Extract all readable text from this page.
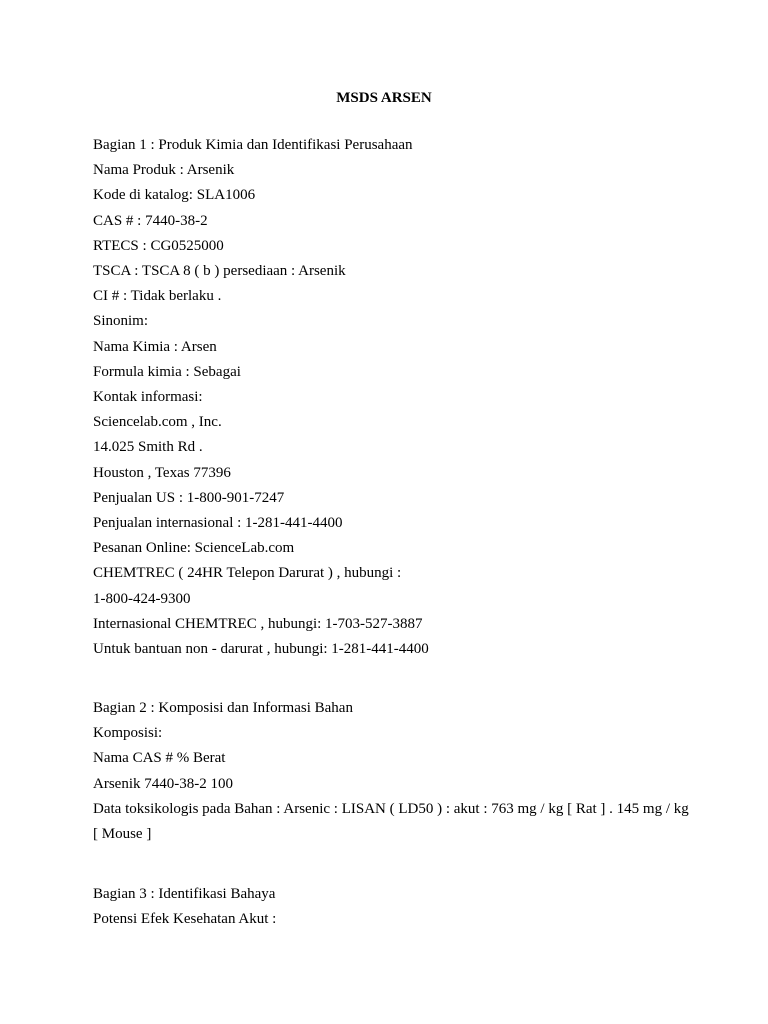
MSDS ARSEN
Bagian 1 : Produk Kimia dan Identifikasi Perusahaan
Nama Produk : Arsenik
Kode di katalog: SLA1006
CAS # : 7440-38-2
RTECS : CG0525000
TSCA : TSCA 8 ( b ) persediaan : Arsenik
CI # : Tidak berlaku .
Sinonim:
Nama Kimia : Arsen
Formula kimia : Sebagai
Kontak informasi:
Sciencelab.com , Inc.
14.025 Smith Rd .
Houston , Texas 77396
Penjualan US : 1-800-901-7247
Penjualan internasional : 1-281-441-4400
Pesanan Online: ScienceLab.com
CHEMTREC ( 24HR Telepon Darurat ) , hubungi :
1-800-424-9300
Internasional CHEMTREC , hubungi: 1-703-527-3887
Untuk bantuan non - darurat , hubungi: 1-281-441-4400
Bagian 2 : Komposisi dan Informasi Bahan
Komposisi:
Nama CAS # % Berat
Arsenik 7440-38-2 100
Data toksikologis pada Bahan : Arsenic : LISAN ( LD50 ) : akut : 763 mg / kg [ Rat ] . 145 mg / kg [ Mouse ]
Bagian 3 : Identifikasi Bahaya
Potensi Efek Kesehatan Akut :
